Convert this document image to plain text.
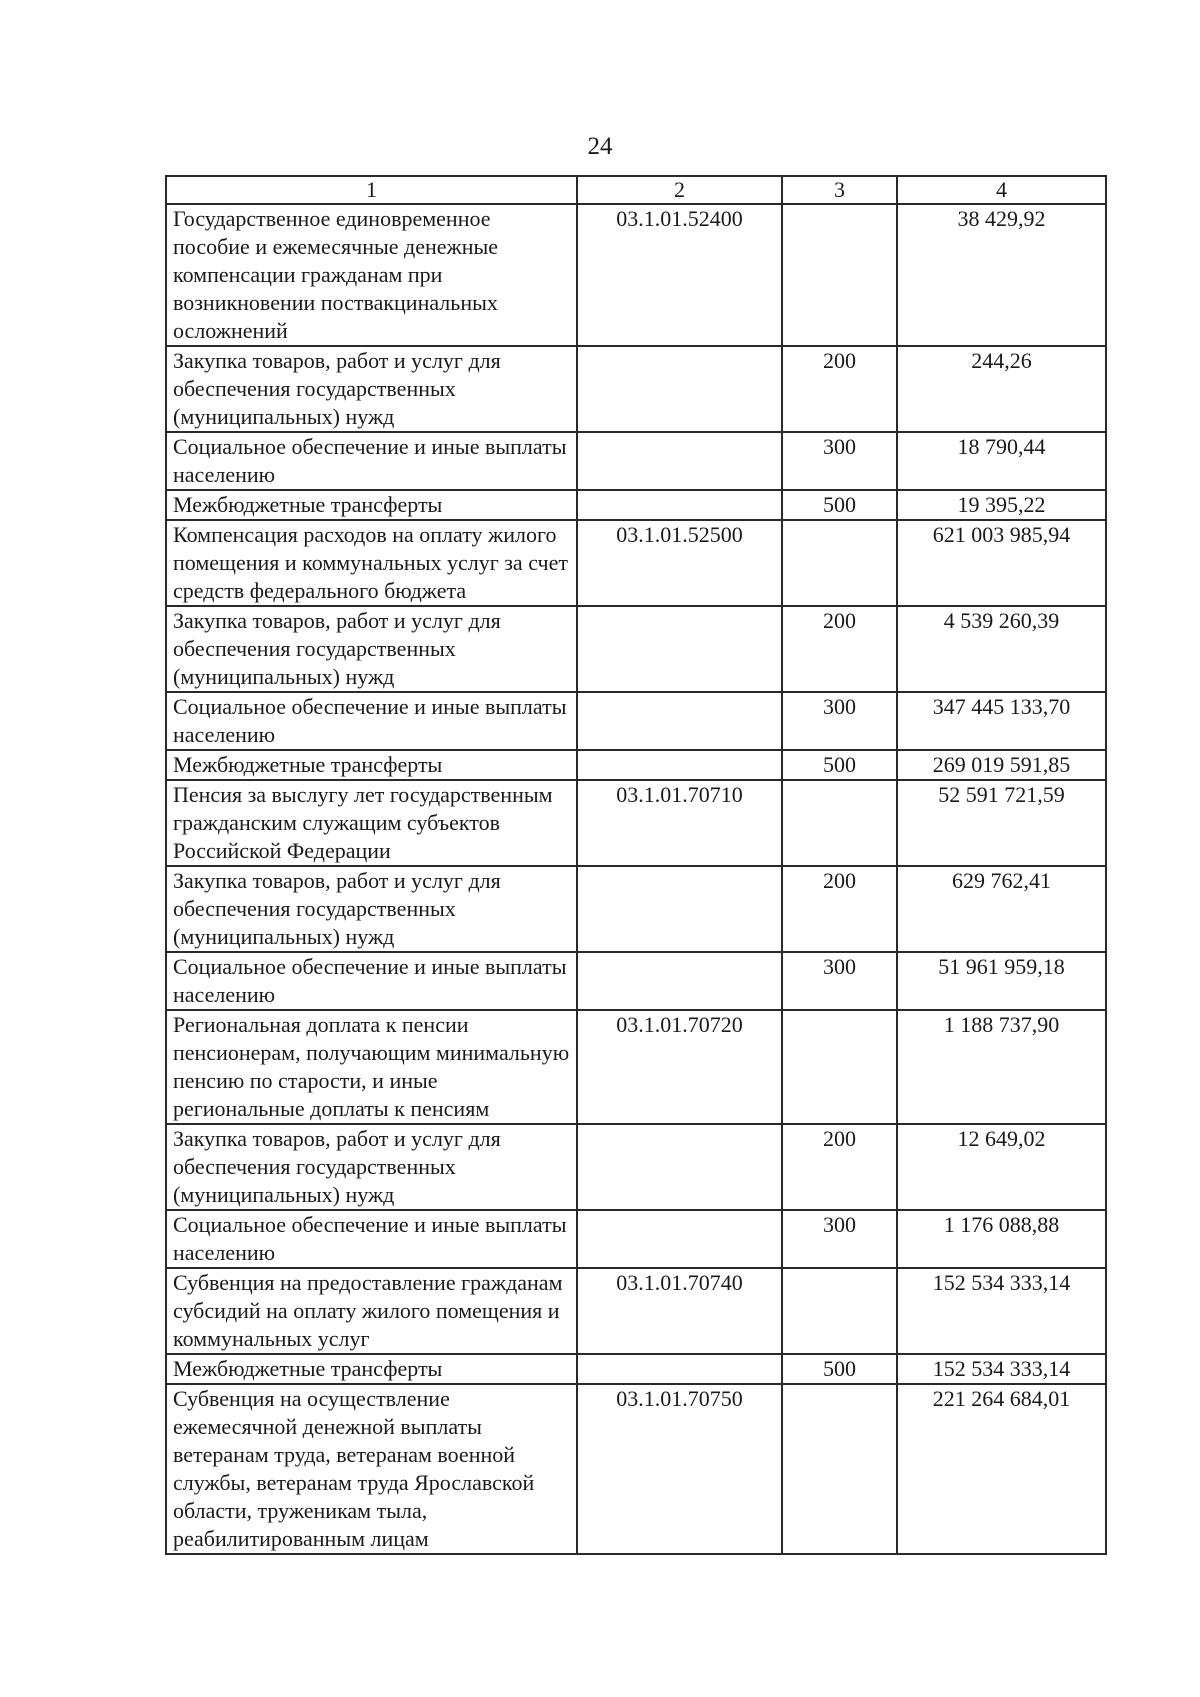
24
1	2	3	4
Государственное единовременное пособие и ежемесячные денежные компенсации гражданам при возникновении поствакцинальных осложнений	03.1.01.52400		38 429,92
Закупка товаров, работ и услуг для обеспечения государственных (муниципальных) нужд		200	244,26
Социальное обеспечение и иные выплаты населению		300	18 790,44
Межбюджетные трансферты		500	19 395,22
Компенсация расходов на оплату жилого помещения и коммунальных услуг за счет средств федерального бюджета	03.1.01.52500		621 003 985,94
Закупка товаров, работ и услуг для обеспечения государственных (муниципальных) нужд		200	4 539 260,39
Социальное обеспечение и иные выплаты населению		300	347 445 133,70
Межбюджетные трансферты		500	269 019 591,85
Пенсия за выслугу лет государственным гражданским служащим субъектов Российской Федерации	03.1.01.70710		52 591 721,59
Закупка товаров, работ и услуг для обеспечения государственных (муниципальных) нужд		200	629 762,41
Социальное обеспечение и иные выплаты населению		300	51 961 959,18
Региональная доплата к пенсии пенсионерам, получающим минимальную пенсию по старости, и иные региональные доплаты к пенсиям	03.1.01.70720		1 188 737,90
Закупка товаров, работ и услуг для обеспечения государственных (муниципальных) нужд		200	12 649,02
Социальное обеспечение и иные выплаты населению		300	1 176 088,88
Субвенция на предоставление гражданам субсидий на оплату жилого помещения и коммунальных услуг	03.1.01.70740		152 534 333,14
Межбюджетные трансферты		500	152 534 333,14
Субвенция на осуществление ежемесячной денежной выплаты ветеранам труда, ветеранам военной службы, ветеранам труда Ярославской области, труженикам тыла, реабилитированным лицам	03.1.01.70750		221 264 684,01
